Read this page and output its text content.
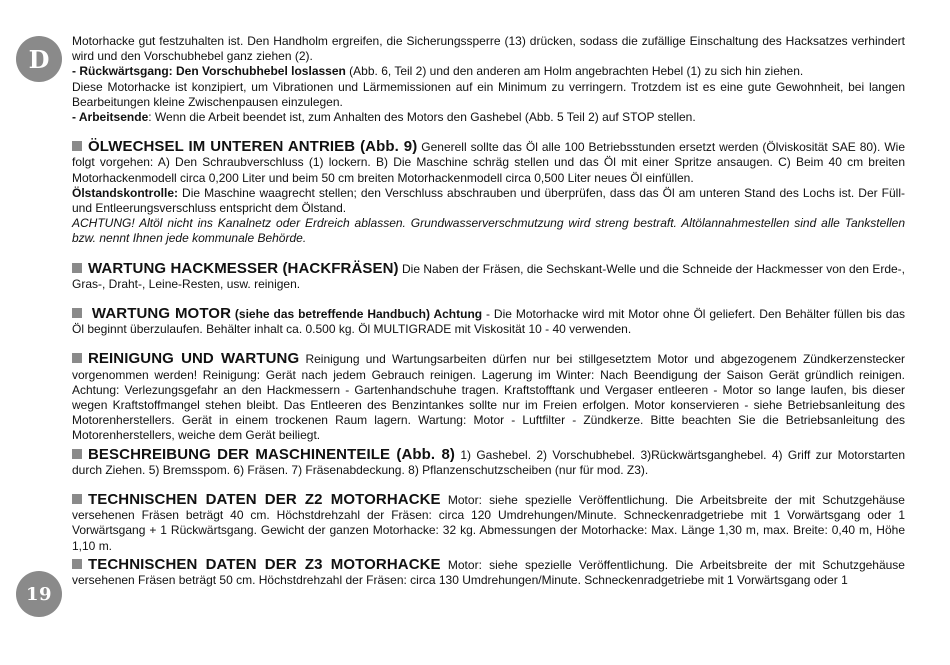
D
19

Motorhacke gut festzuhalten ist. Den Handholm ergreifen, die Sicherungssperre (13) drücken, sodass die zufällige Einschaltung des Hacksatzes verhindert wird und den Vorschubhebel ganz ziehen (2).

- Rückwärtsgang: Den Vorschubhebel loslassen (Abb. 6, Teil 2) und den anderen am Holm angebrachten Hebel (1) zu sich hin ziehen.

Diese Motorhacke ist konzipiert, um Vibrationen und Lärmemissionen auf ein Minimum zu verringern. Trotzdem ist es eine gute Gewohnheit, bei langen Bearbeitungen kleine Zwischenpausen einzulegen.

- Arbeitsende: Wenn die Arbeit beendet ist, zum Anhalten des Motors den Gashebel (Abb. 5 Teil 2) auf STOP stellen.

ÖLWECHSEL IM UNTEREN ANTRIEB (Abb. 9) Generell sollte das Öl alle 100 Betriebsstunden ersetzt werden (Ölviskosität SAE 80). Wie folgt vorgehen: A) Den Schraubverschluss (1) lockern. B) Die Maschine schräg stellen und das Öl mit einer Spritze ansaugen. C) Beim 40 cm breiten Motorhackenmodell circa 0,200 Liter und beim 50 cm breiten Motorhackenmodell circa 0,500 Liter neues Öl einfüllen.

Ölstandskontrolle: Die Maschine waagrecht stellen; den Verschluss abschrauben und überprüfen, dass das Öl am unteren Stand des Lochs ist. Der Füll- und Entleerungsverschluss entspricht dem Ölstand.

ACHTUNG! Altöl nicht ins Kanalnetz oder Erdreich ablassen. Grundwasserverschmutzung wird streng bestraft. Altölannahmestellen sind alle Tankstellen bzw. nennt Ihnen jede kommunale Behörde.

WARTUNG HACKMESSER (HACKFRÄSEN) Die Naben der Fräsen, die Sechskant-Welle und die Schneide der Hackmesser von den Erde-, Gras-, Draht-, Leine-Resten, usw. reinigen.

WARTUNG MOTOR (siehe das betreffende Handbuch) Achtung - Die Motorhacke wird mit Motor ohne Öl geliefert. Den Behälter füllen bis das Öl beginnt überzulaufen. Behälter inhalt ca. 0.500 kg. Öl MULTIGRADE mit Viskosität 10 - 40 verwenden.

REINIGUNG UND WARTUNG Reinigung und Wartungsarbeiten dürfen nur bei stillgesetztem Motor und abgezogenem Zündkerzenstecker vorgenommen werden! Reinigung: Gerät nach jedem Gebrauch reinigen. Lagerung im Winter: Nach Beendigung der Saison Gerät gründlich reinigen. Achtung: Verlezungsgefahr an den Hackmessern - Gartenhandschuhe tragen. Kraftstofftank und Vergaser entleeren - Motor so lange laufen, bis dieser wegen Kraftstoffmangel stehen bleibt. Das Entleeren des Benzintankes sollte nur im Freien erfolgen. Motor konservieren - siehe Betriebsanleitung des Motorenherstellers. Gerät in einem trockenen Raum lagern. Wartung: Motor - Luftfilter - Zündkerze. Bitte beachten Sie die Betriebsanleitung des Motorenherstellers, weiche dem Gerät beiliegt.

BESCHREIBUNG DER MASCHINENTEILE (Abb. 8) 1) Gashebel. 2) Vorschubhebel. 3)Rückwärtsganghebel. 4) Griff zur Motorstarten durch Ziehen. 5) Bremsspom. 6) Fräsen. 7) Fräsenabdeckung. 8) Pflanzenschutzscheiben (nur für mod. Z3).

TECHNISCHEN DATEN DER Z2 MOTORHACKE Motor: siehe spezielle Veröffentlichung. Die Arbeitsbreite der mit Schutzgehäuse versehenen Fräsen beträgt 40 cm. Höchstdrehzahl der Fräsen: circa 120 Umdrehungen/Minute. Schneckenradgetriebe mit 1 Vorwärtsgang oder 1 Vorwärtsgang + 1 Rückwärtsgang. Gewicht der ganzen Motorhacke: 32 kg. Abmessungen der Motorhacke: Max. Länge 1,30 m, max. Breite: 0,40 m, Höhe 1,10 m.

TECHNISCHEN DATEN DER Z3 MOTORHACKE Motor: siehe spezielle Veröffentlichung. Die Arbeitsbreite der mit Schutzgehäuse versehenen Fräsen beträgt 50 cm. Höchstdrehzahl der Fräsen: circa 130 Umdrehungen/Minute. Schneckenradgetriebe mit 1 Vorwärtsgang oder 1
